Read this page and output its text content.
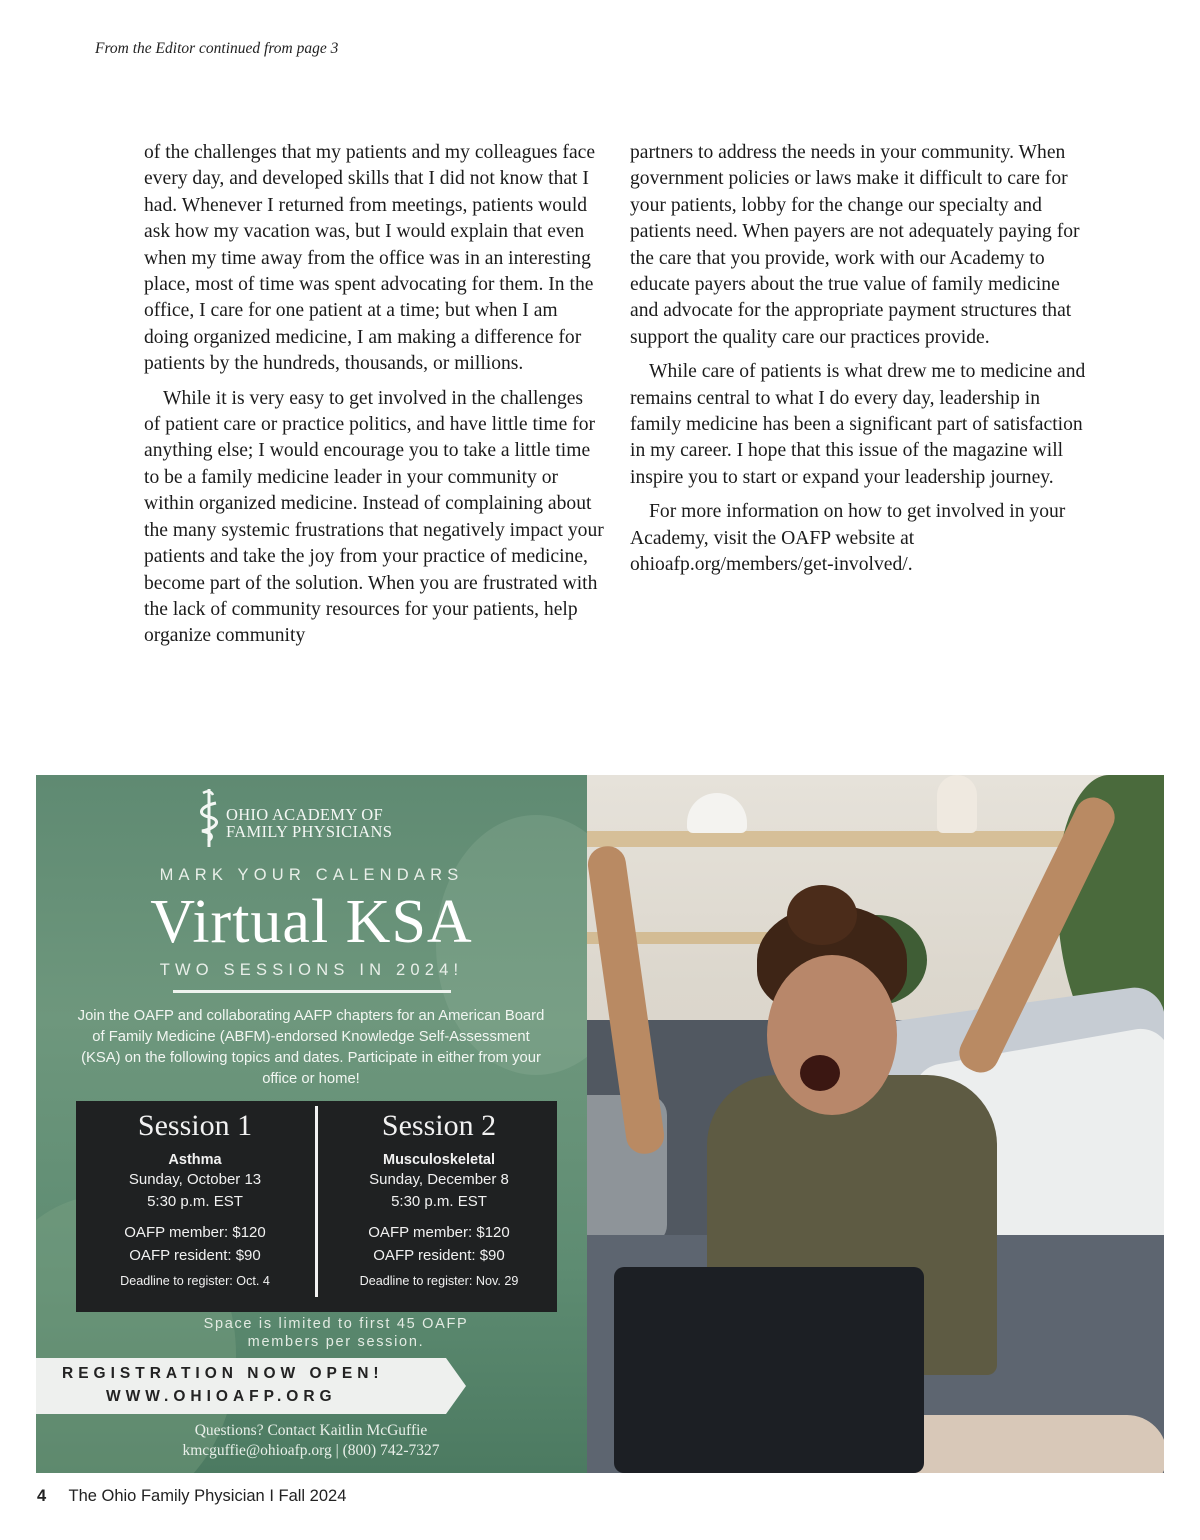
From the Editor continued from page 3

of the challenges that my patients and my colleagues face every day, and developed skills that I did not know that I had. Whenever I returned from meetings, patients would ask how my vacation was, but I would explain that even when my time away from the office was in an interesting place, most of time was spent advocating for them. In the office, I care for one patient at a time; but when I am doing organized medicine, I am making a difference for patients by the hundreds, thousands, or millions.

While it is very easy to get involved in the challenges of patient care or practice politics, and have little time for anything else; I would encourage you to take a little time to be a family medicine leader in your community or within organized medicine. Instead of complaining about the many systemic frustrations that negatively impact your patients and take the joy from your practice of medicine, become part of the solution. When you are frustrated with the lack of community resources for your patients, help organize community

partners to address the needs in your community. When government policies or laws make it difficult to care for your patients, lobby for the change our specialty and patients need. When payers are not adequately paying for the care that you provide, work with our Academy to educate payers about the true value of family medicine and advocate for the appropriate payment structures that support the quality care our practices provide.

While care of patients is what drew me to medicine and remains central to what I do every day, leadership in family medicine has been a significant part of satisfaction in my career. I hope that this issue of the magazine will inspire you to start or expand your leadership journey.

For more information on how to get involved in your Academy, visit the OAFP website at ohioafp.org/members/get-involved/.

OHIO ACADEMY OF
FAMILY PHYSICIANS
MARK YOUR CALENDARS
Virtual KSA
TWO SESSIONS IN 2024!
Join the OAFP and collaborating AAFP chapters for an American Board of Family Medicine (ABFM)-endorsed Knowledge Self-Assessment (KSA) on the following topics and dates. Participate in either from your office or home!
Session 1
Asthma
Sunday, October 13
5:30 p.m. EST
OAFP member: $120
OAFP resident: $90
Deadline to register: Oct. 4
Session 2
Musculoskeletal
Sunday, December 8
5:30 p.m. EST
OAFP member: $120
OAFP resident: $90
Deadline to register: Nov. 29
Space is limited to first 45 OAFP
members per session.
REGISTRATION NOW OPEN!
WWW.OHIOAFP.ORG
Questions? Contact Kaitlin McGuffie
kmcguffie@ohioafp.org | (800) 742-7327
4 The Ohio Family Physician I Fall 2024
